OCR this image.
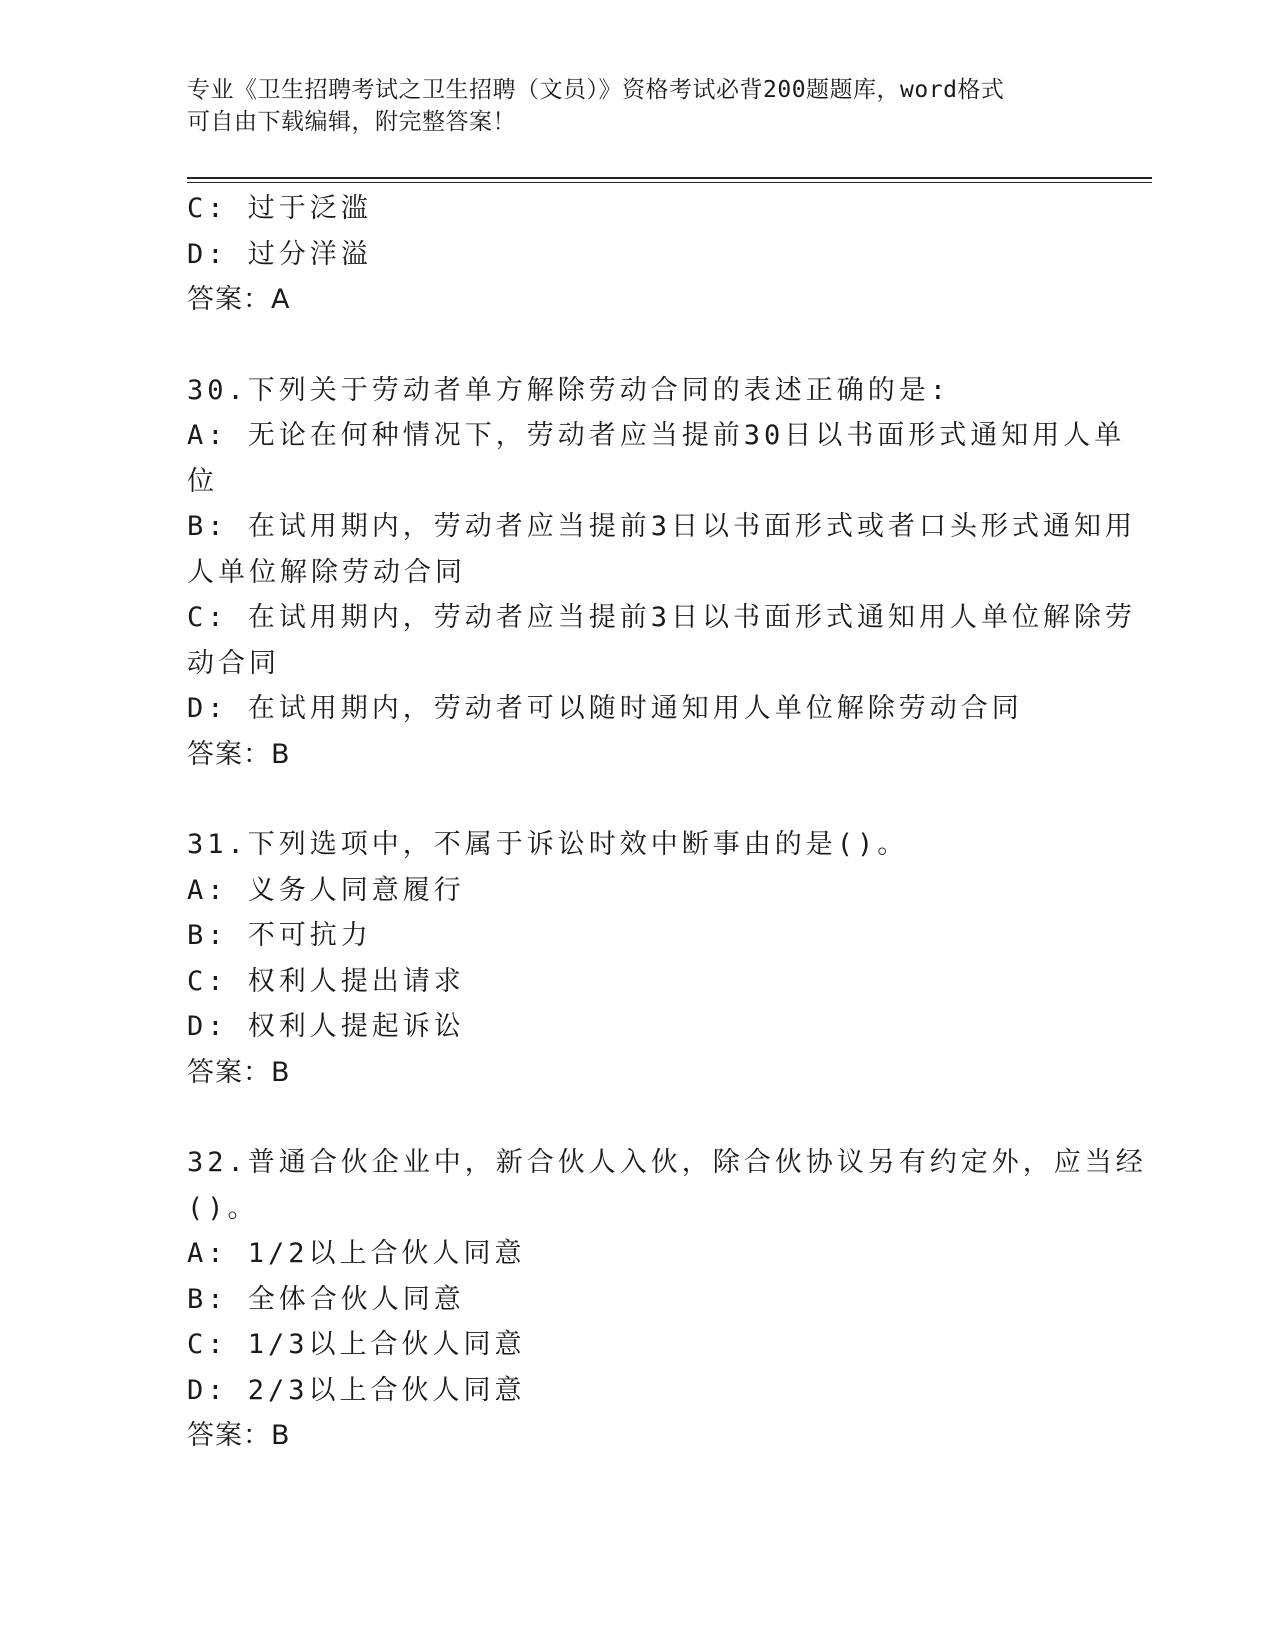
专业《卫生招聘考试之卫生招聘（文员）》资格考试必背200题题库，word格式
可自由下载编辑，附完整答案！
C: 过于泛滥
D: 过分洋溢
答案：A
30.下列关于劳动者单方解除劳动合同的表述正确的是:
A: 无论在何种情况下，劳动者应当提前30日以书面形式通知用人单
位
B: 在试用期内，劳动者应当提前3日以书面形式或者口头形式通知用
人单位解除劳动合同
C: 在试用期内，劳动者应当提前3日以书面形式通知用人单位解除劳
动合同
D: 在试用期内，劳动者可以随时通知用人单位解除劳动合同
答案：B
31.下列选项中，不属于诉讼时效中断事由的是()。
A: 义务人同意履行
B: 不可抗力
C: 权利人提出请求
D: 权利人提起诉讼
答案：B
32.普通合伙企业中，新合伙人入伙，除合伙协议另有约定外，应当经
()。
A: 1/2以上合伙人同意
B: 全体合伙人同意
C: 1/3以上合伙人同意
D: 2/3以上合伙人同意
答案：B
